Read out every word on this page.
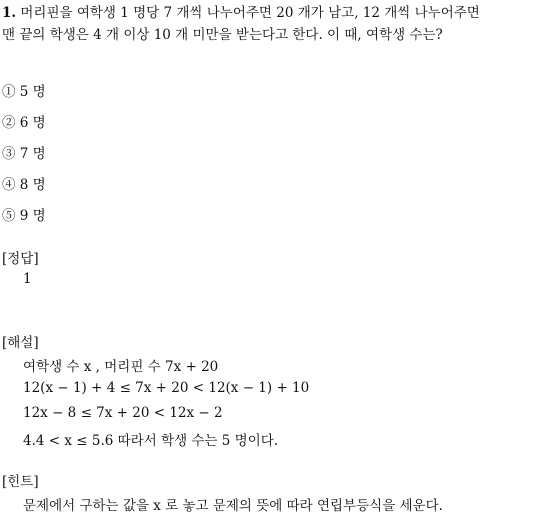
1. 머리핀을 여학생 1 명당 7 개씩 나누어주면 20 개가 남고, 12 개씩 나누어주면
맨 끝의 학생은 4 개 이상 10 개 미만을 받는다고 한다. 이 때, 여학생 수는?
① 5 명
② 6 명
③ 7 명
④ 8 명
⑤ 9 명
[정답]
1
[해설]
여학생 수 x , 머리핀 수 7x + 20
12(x − 1) + 4 ≤ 7x + 20 < 12(x − 1) + 10
12x − 8 ≤ 7x + 20 < 12x − 2
4.4 < x ≤ 5.6 따라서 학생 수는 5 명이다.
[힌트]
문제에서 구하는 값을 x 로 놓고 문제의 뜻에 따라 연립부등식을 세운다.
